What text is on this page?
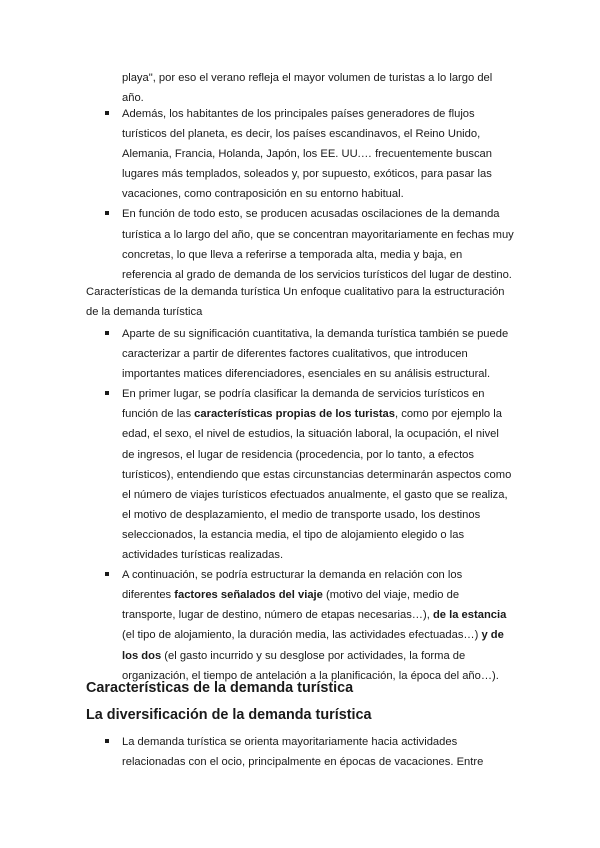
playa", por eso el verano refleja el mayor volumen de turistas a lo largo del año.
Además, los habitantes de los principales países generadores de flujos turísticos del planeta, es decir, los países escandinavos, el Reino Unido, Alemania, Francia, Holanda, Japón, los EE. UU.… frecuentemente buscan lugares más templados, soleados y, por supuesto, exóticos, para pasar las vacaciones, como contraposición en su entorno habitual.
En función de todo esto, se producen acusadas oscilaciones de la demanda turística a lo largo del año, que se concentran mayoritariamente en fechas muy concretas, lo que lleva a referirse a temporada alta, media y baja, en referencia al grado de demanda de los servicios turísticos del lugar de destino.
Características de la demanda turística Un enfoque cualitativo para la estructuración de la demanda turística
Aparte de su significación cuantitativa, la demanda turística también se puede caracterizar a partir de diferentes factores cualitativos, que introducen importantes matices diferenciadores, esenciales en su análisis estructural.
En primer lugar, se podría clasificar la demanda de servicios turísticos en función de las características propias de los turistas, como por ejemplo la edad, el sexo, el nivel de estudios, la situación laboral, la ocupación, el nivel de ingresos, el lugar de residencia (procedencia, por lo tanto, a efectos turísticos), entendiendo que estas circunstancias determinarán aspectos como el número de viajes turísticos efectuados anualmente, el gasto que se realiza, el motivo de desplazamiento, el medio de transporte usado, los destinos seleccionados, la estancia media, el tipo de alojamiento elegido o las actividades turísticas realizadas.
A continuación, se podría estructurar la demanda en relación con los diferentes factores señalados del viaje (motivo del viaje, medio de transporte, lugar de destino, número de etapas necesarias…), de la estancia (el tipo de alojamiento, la duración media, las actividades efectuadas…) y de los dos (el gasto incurrido y su desglose por actividades, la forma de organización, el tiempo de antelación a la planificación, la época del año…).
Características de la demanda turística
La diversificación de la demanda turística
La demanda turística se orienta mayoritariamente hacia actividades relacionadas con el ocio, principalmente en épocas de vacaciones. Entre
